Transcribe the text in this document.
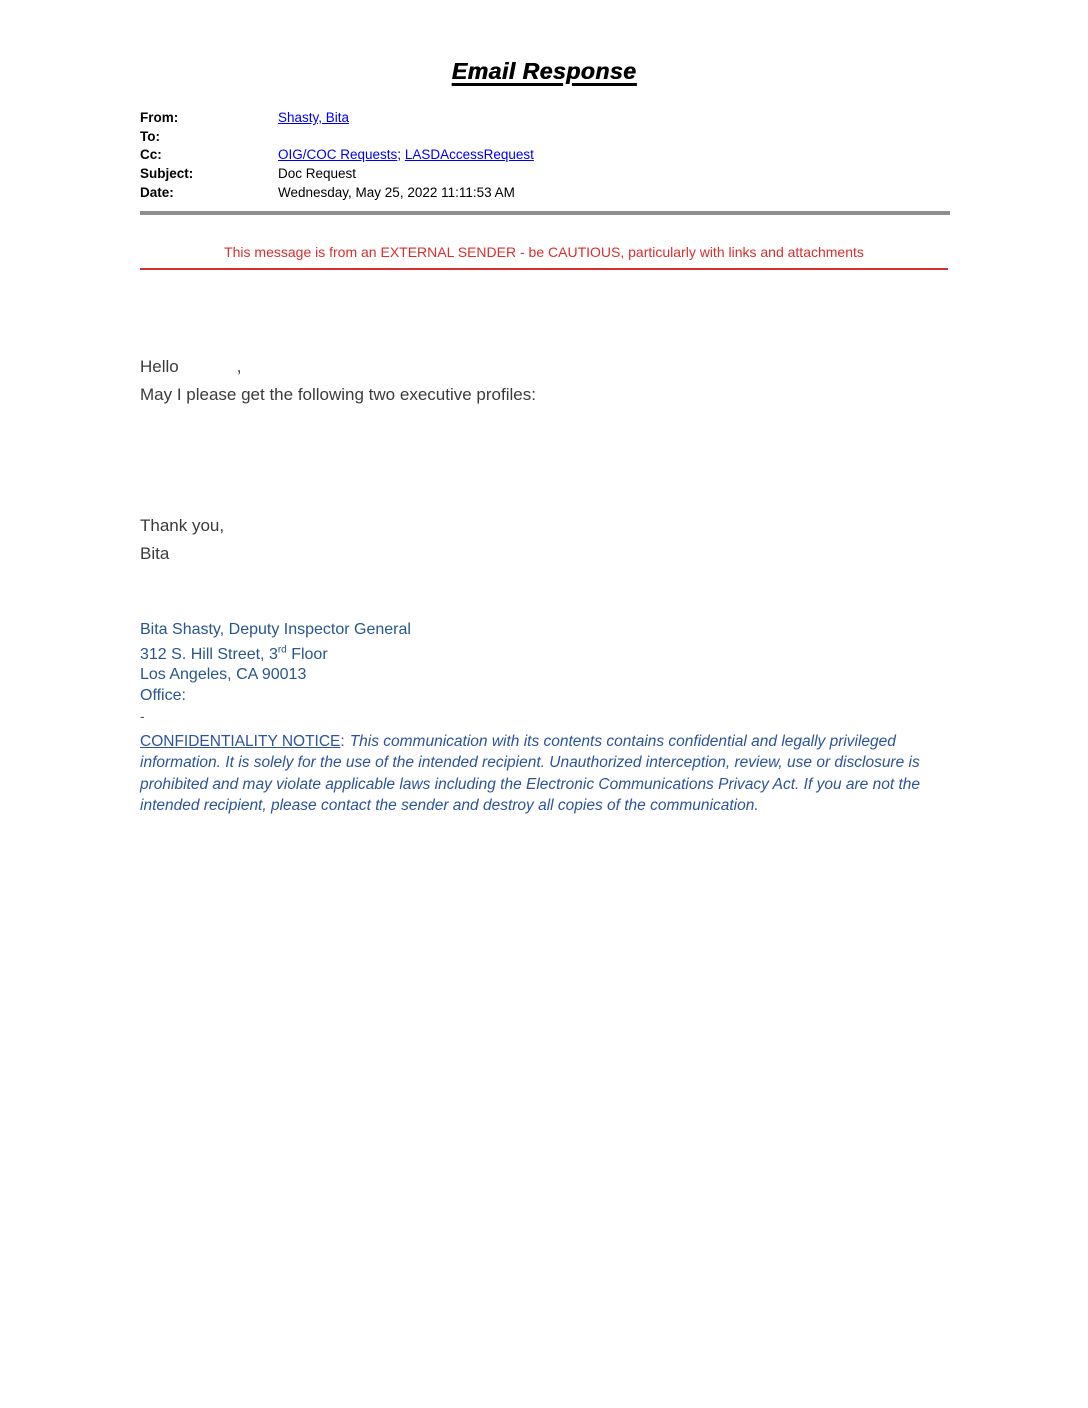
Email Response
From:	Shasty, Bita
To:
Cc:	OIG/COC Requests; LASDAccessRequest
Subject:	Doc Request
Date:	Wednesday, May 25, 2022 11:11:53 AM
This message is from an EXTERNAL SENDER - be CAUTIOUS, particularly with links and attachments
Hello	,
May I please get the following two executive profiles:
Thank you,
Bita
Bita Shasty, Deputy Inspector General
312 S. Hill Street, 3rd Floor
Los Angeles, CA 90013
Office:
-
CONFIDENTIALITY NOTICE: This communication with its contents contains confidential and legally privileged information. It is solely for the use of the intended recipient. Unauthorized interception, review, use or disclosure is prohibited and may violate applicable laws including the Electronic Communications Privacy Act. If you are not the intended recipient, please contact the sender and destroy all copies of the communication.
